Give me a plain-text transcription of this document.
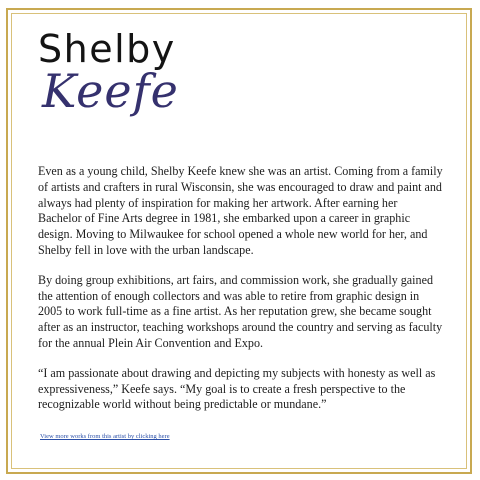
Shelby
Keefe

Even as a young child, Shelby Keefe knew she was an artist. Coming from a family of artists and crafters in rural Wisconsin, she was encouraged to draw and paint and always had plenty of inspiration for making her artwork. After earning her Bachelor of Fine Arts degree in 1981, she embarked upon a career in graphic design. Moving to Milwaukee for school opened a whole new world for her, and Shelby fell in love with the urban landscape.

By doing group exhibitions, art fairs, and commission work, she gradually gained the attention of enough collectors and was able to retire from graphic design in 2005 to work full-time as a fine artist. As her reputation grew, she became sought after as an instructor, teaching workshops around the country and serving as faculty for the annual Plein Air Convention and Expo.

“I am passionate about drawing and depicting my subjects with honesty as well as expressiveness,” Keefe says. “My goal is to create a fresh perspective to the recognizable world without being predictable or mundane.”

View more works from this artist by clicking here
